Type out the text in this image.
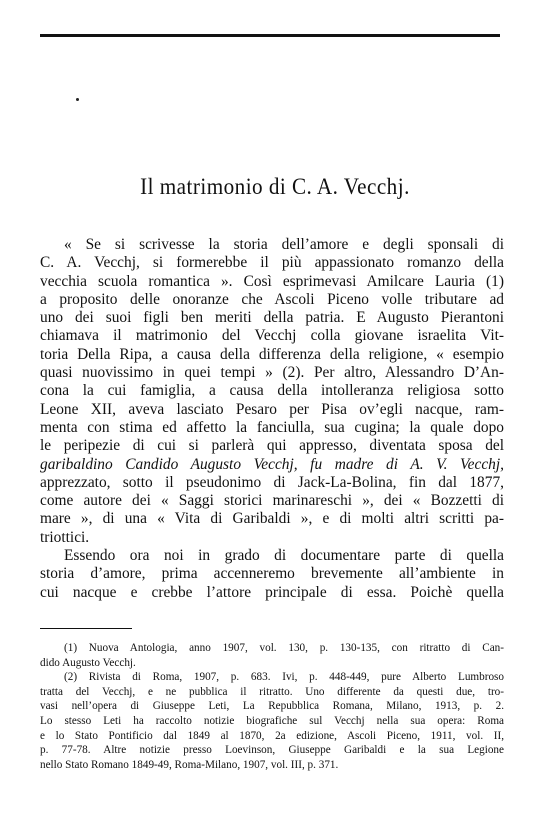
Il matrimonio di C. A. Vecchj.
« Se si scrivesse la storia dell’amore e degli sponsali di
C. A. Vecchj, si formerebbe il più appassionato romanzo della
vecchia scuola romantica ». Così esprimevasi Amilcare Lauria (1)
a proposito delle onoranze che Ascoli Piceno volle tributare ad
uno dei suoi figli ben meriti della patria. E Augusto Pierantoni
chiamava il matrimonio del Vecchj colla giovane israelita Vit-
toria Della Ripa, a causa della differenza della religione, « esempio
quasi nuovissimo in quei tempi » (2). Per altro, Alessandro D’An-
cona la cui famiglia, a causa della intolleranza religiosa sotto
Leone XII, aveva lasciato Pesaro per Pisa ov’egli nacque, ram-
menta con stima ed affetto la fanciulla, sua cugina; la quale dopo
le peripezie di cui si parlerà qui appresso, diventata sposa del
garibaldino Candido Augusto Vecchj, fu madre di A. V. Vecchj,
apprezzato, sotto il pseudonimo di Jack-La-Bolina, fin dal 1877,
come autore dei « Saggi storici marinareschi », dei « Bozzetti di
mare », di una « Vita di Garibaldi », e di molti altri scritti pa-
triottici.
Essendo ora noi in grado di documentare parte di quella
storia d’amore, prima accenneremo brevemente all’ambiente in
cui nacque e crebbe l’attore principale di essa. Poichè quella
(1) Nuova Antologia, anno 1907, vol. 130, p. 130-135, con ritratto di Can-
dido Augusto Vecchj.
(2) Rivista di Roma, 1907, p. 683. Ivi, p. 448-449, pure Alberto Lumbroso
tratta del Vecchj, e ne pubblica il ritratto. Uno differente da questi due, tro-
vasi nell’opera di Giuseppe Leti, La Repubblica Romana, Milano, 1913, p. 2.
Lo stesso Leti ha raccolto notizie biografiche sul Vecchj nella sua opera: Roma
e lo Stato Pontificio dal 1849 al 1870, 2a edizione, Ascoli Piceno, 1911, vol. II,
p. 77-78. Altre notizie presso Loevinson, Giuseppe Garibaldi e la sua Legione
nello Stato Romano 1849-49, Roma-Milano, 1907, vol. III, p. 371.
